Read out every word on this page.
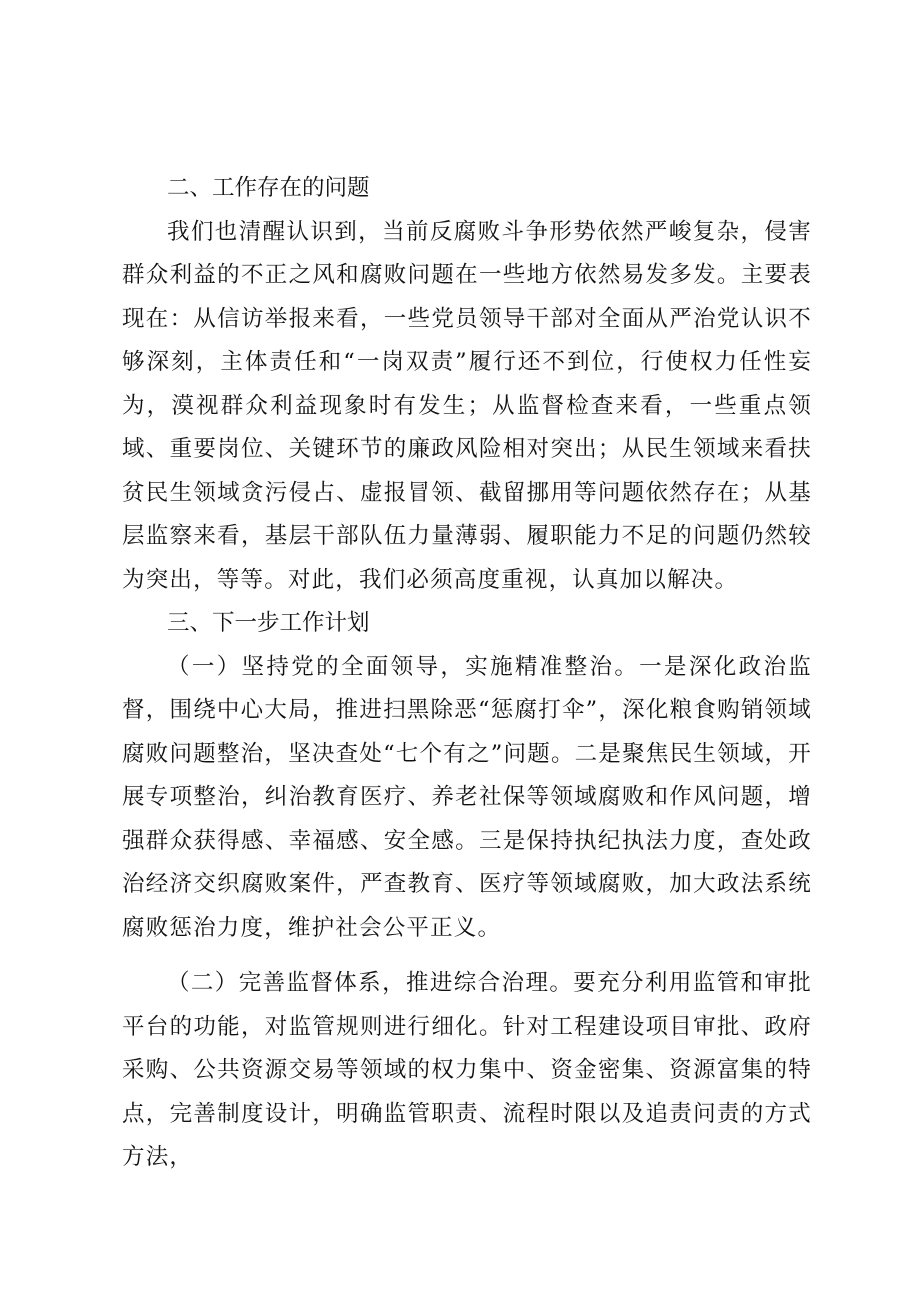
二、工作存在的问题

我们也清醒认识到，当前反腐败斗争形势依然严峻复杂，侵害群众利益的不正之风和腐败问题在一些地方依然易发多发。主要表现在：从信访举报来看，一些党员领导干部对全面从严治党认识不够深刻，主体责任和“一岗双责”履行还不到位，行使权力任性妄为，漠视群众利益现象时有发生；从监督检查来看，一些重点领域、重要岗位、关键环节的廉政风险相对突出；从民生领域来看扶贫民生领域贪污侵占、虚报冒领、截留挪用等问题依然存在；从基层监察来看，基层干部队伍力量薄弱、履职能力不足的问题仍然较为突出，等等。对此，我们必须高度重视，认真加以解决。

三、下一步工作计划

（一）坚持党的全面领导，实施精准整治。一是深化政治监督，围绕中心大局，推进扫黑除恶“惩腐打伞”，深化粮食购销领域腐败问题整治，坚决查处“七个有之”问题。二是聚焦民生领域，开展专项整治，纠治教育医疗、养老社保等领域腐败和作风问题，增强群众获得感、幸福感、安全感。三是保持执纪执法力度，查处政治经济交织腐败案件，严查教育、医疗等领域腐败，加大政法系统腐败惩治力度，维护社会公平正义。

（二）完善监督体系，推进综合治理。要充分利用监管和审批平台的功能，对监管规则进行细化。针对工程建设项目审批、政府采购、公共资源交易等领域的权力集中、资金密集、资源富集的特点，完善制度设计，明确监管职责、流程时限以及追责问责的方式方法，
